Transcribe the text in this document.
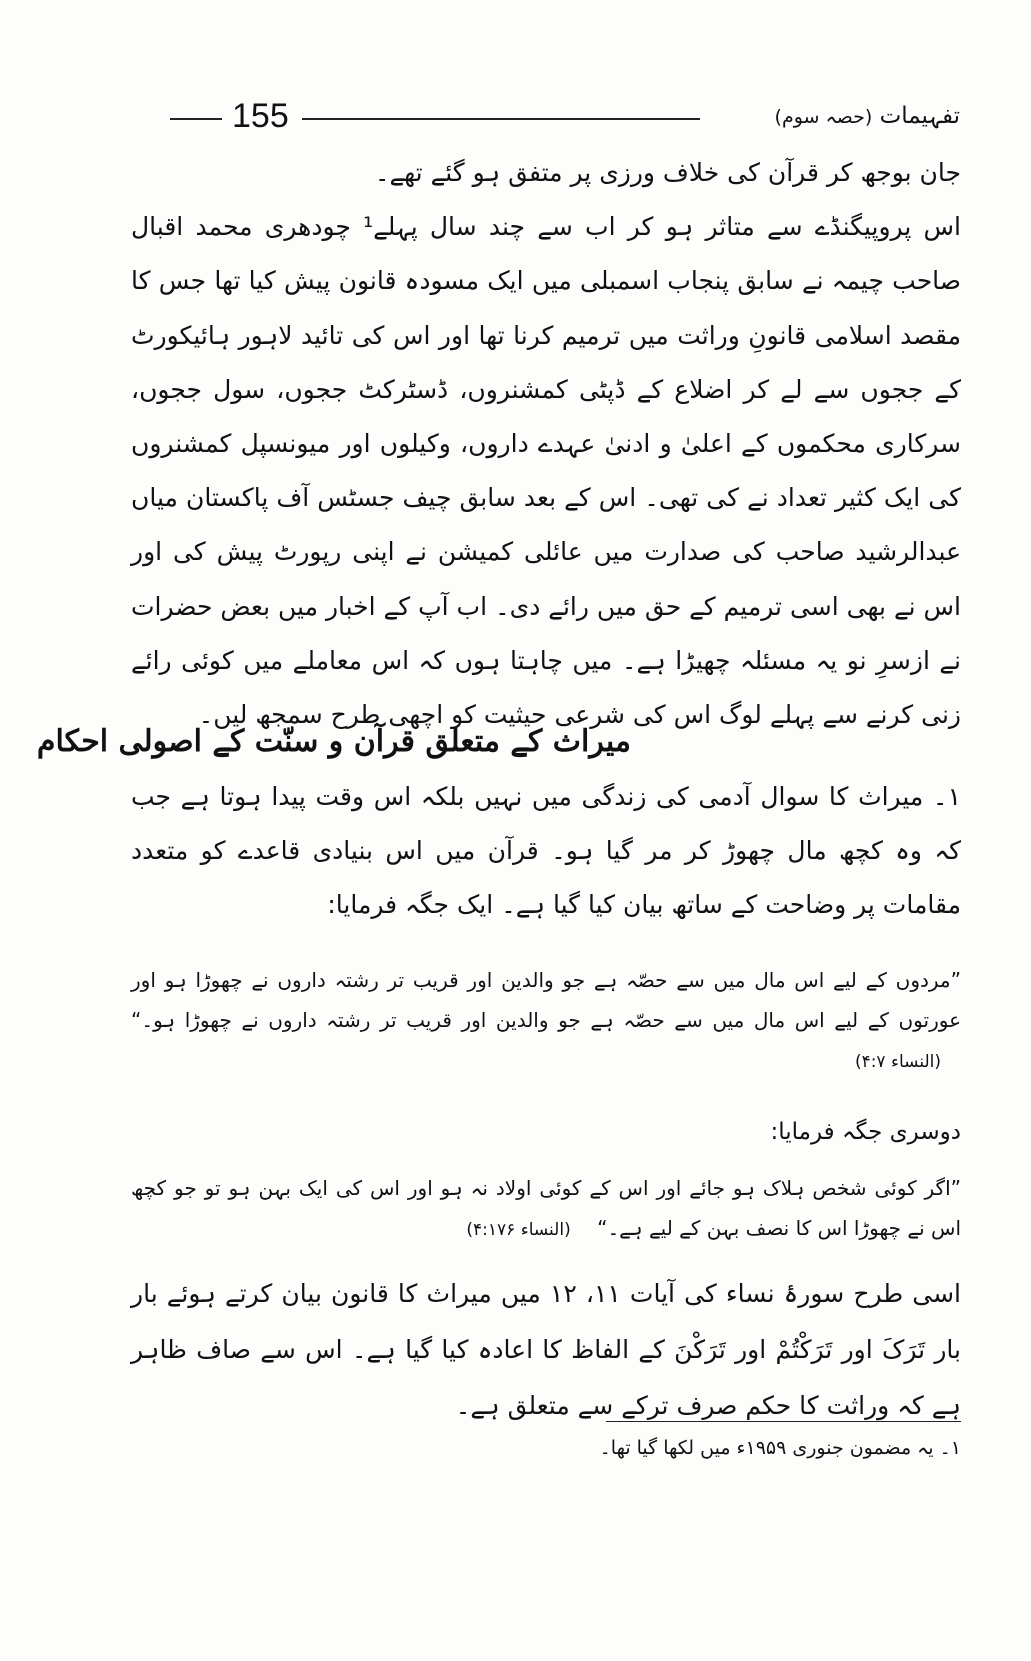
155	تفہیمات (حصہ سوم)

جان بوجھ کر قرآن کی خلاف ورزی پر متفق ہو گئے تھے۔

اس پروپیگنڈے سے متاثر ہو کر اب سے چند سال پہلے¹ چودھری محمد اقبال صاحب چیمہ نے سابق پنجاب اسمبلی میں ایک مسودہ قانون پیش کیا تھا جس کا مقصد اسلامی قانونِ وراثت میں ترمیم کرنا تھا اور اس کی تائید لاہور ہائیکورٹ کے ججوں سے لے کر اضلاع کے ڈپٹی کمشنروں، ڈسٹرکٹ ججوں، سول ججوں، سرکاری محکموں کے اعلیٰ و ادنیٰ عہدے داروں، وکیلوں اور میونسپل کمشنروں کی ایک کثیر تعداد نے کی تھی۔ اس کے بعد سابق چیف جسٹس آف پاکستان میاں عبدالرشید صاحب کی صدارت میں عائلی کمیشن نے اپنی رپورٹ پیش کی اور اس نے بھی اسی ترمیم کے حق میں رائے دی۔ اب آپ کے اخبار میں بعض حضرات نے ازسرِ نو یہ مسئلہ چھیڑا ہے۔ میں چاہتا ہوں کہ اس معاملے میں کوئی رائے زنی کرنے سے پہلے لوگ اس کی شرعی حیثیت کو اچھی طرح سمجھ لیں۔

میراث کے متعلق قرآن و سنّت کے اصولی احکام

۱۔ میراث کا سوال آدمی کی زندگی میں نہیں بلکہ اس وقت پیدا ہوتا ہے جب کہ وہ کچھ مال چھوڑ کر مر گیا ہو۔ قرآن میں اس بنیادی قاعدے کو متعدد مقامات پر وضاحت کے ساتھ بیان کیا گیا ہے۔ ایک جگہ فرمایا:

”مردوں کے لیے اس مال میں سے حصّہ ہے جو والدین اور قریب تر رشتہ داروں نے چھوڑا ہو اور عورتوں کے لیے اس مال میں سے حصّہ ہے جو والدین اور قریب تر رشتہ داروں نے چھوڑا ہو۔“ (النساء ۴:۷)
دوسری جگہ فرمایا:
”اگر کوئی شخص ہلاک ہو جائے اور اس کے کوئی اولاد نہ ہو اور اس کی ایک بہن ہو تو جو کچھ اس نے چھوڑا اس کا نصف بہن کے لیے ہے۔“ (النساء ۴:۱۷۶)

اسی طرح سورۂ نساء کی آیات ۱۱، ۱۲ میں میراث کا قانون بیان کرتے ہوئے بار بار تَرَکَ اور تَرَکْتُمْ اور تَرَکْنَ کے الفاظ کا اعادہ کیا گیا ہے۔ اس سے صاف ظاہر ہے کہ وراثت کا حکم صرف ترکے سے متعلق ہے۔

۱۔ یہ مضمون جنوری ۱۹۵۹ء میں لکھا گیا تھا۔
